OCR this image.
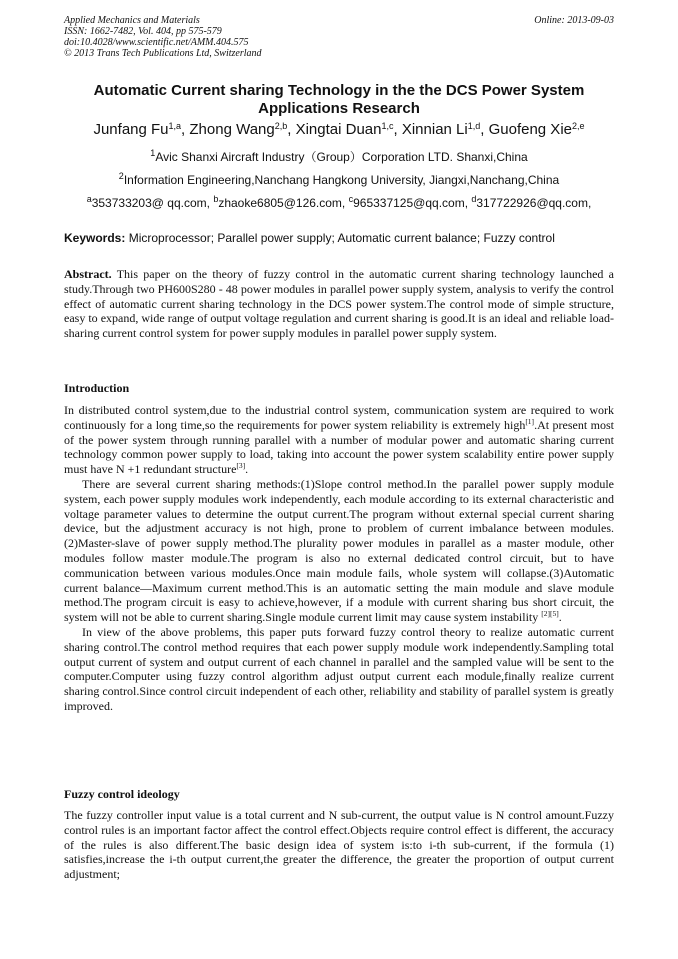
Applied Mechanics and Materials
ISSN: 1662-7482, Vol. 404, pp 575-579
doi:10.4028/www.scientific.net/AMM.404.575
© 2013 Trans Tech Publications Ltd, Switzerland
Online: 2013-09-03
Automatic Current sharing Technology in the the DCS Power System Applications Research
Junfang Fu$^{1,a}$, Zhong Wang$^{2,b}$, Xingtai Duan$^{1,c}$, Xinnian Li$^{1,d}$, Guofeng Xie$^{2,e}$
$^1$Avic Shanxi Aircraft Industry（Group）Corporation LTD. Shanxi,China
$^2$Information Engineering,Nanchang Hangkong University, Jiangxi,Nanchang,China
$^a$353733203@ qq.com, $^b$zhaoke6805@126.com, $^c$965337125@qq.com, $^d$317722926@qq.com,
Keywords: Microprocessor; Parallel power supply; Automatic current balance; Fuzzy control

Abstract. This paper on the theory of fuzzy control in the automatic current sharing technology launched a study.Through two PH600S280 - 48 power modules in parallel power supply system, analysis to verify the control effect of automatic current sharing technology in the DCS power system.The control mode of simple structure, easy to expand, wide range of output voltage regulation and current sharing is good.It is an ideal and reliable load-sharing current control system for power supply modules in parallel power supply system.

Introduction

In distributed control system,due to the industrial control system, communication system are required to work continuously for a long time,so the requirements for power system reliability is extremely high[1].At present most of the power system through running parallel with a number of modular power and automatic sharing current technology common power supply to load, taking into account the power system scalability entire power supply must have N +1 redundant structure[3].

There are several current sharing methods:(1)Slope control method.In the parallel power supply module system, each power supply modules work independently, each module according to its external characteristic and voltage parameter values to determine the output current.The program without external special current sharing device, but the adjustment accuracy is not high, prone to problem of current imbalance between modules.(2)Master-slave of power supply method.The plurality power modules in parallel as a master module, other modules follow master module.The program is also no external dedicated control circuit, but to have communication between various modules.Once main module fails, whole system will collapse.(3)Automatic current balance—Maximum current method.This is an automatic setting the main module and slave module method.The program circuit is easy to achieve,however, if a module with current sharing bus short circuit, the system will not be able to current sharing.Single module current limit may cause system instability [2][5].

In view of the above problems, this paper puts forward fuzzy control theory to realize automatic current sharing control.The control method requires that each power supply module work independently.Sampling total output current of system and output current of each channel in parallel and the sampled value will be sent to the computer.Computer using fuzzy control algorithm adjust output current each module,finally realize current sharing control.Since control circuit independent of each other, reliability and stability of parallel system is greatly improved.

Fuzzy control ideology

The fuzzy controller input value is a total current and N sub-current, the output value is N control amount.Fuzzy control rules is an important factor affect the control effect.Objects require control effect is different, the accuracy of the rules is also different.The basic design idea of system is:to i-th sub-current, if the formula (1) satisfies,increase the i-th output current,the greater the difference, the greater the proportion of output current adjustment;
